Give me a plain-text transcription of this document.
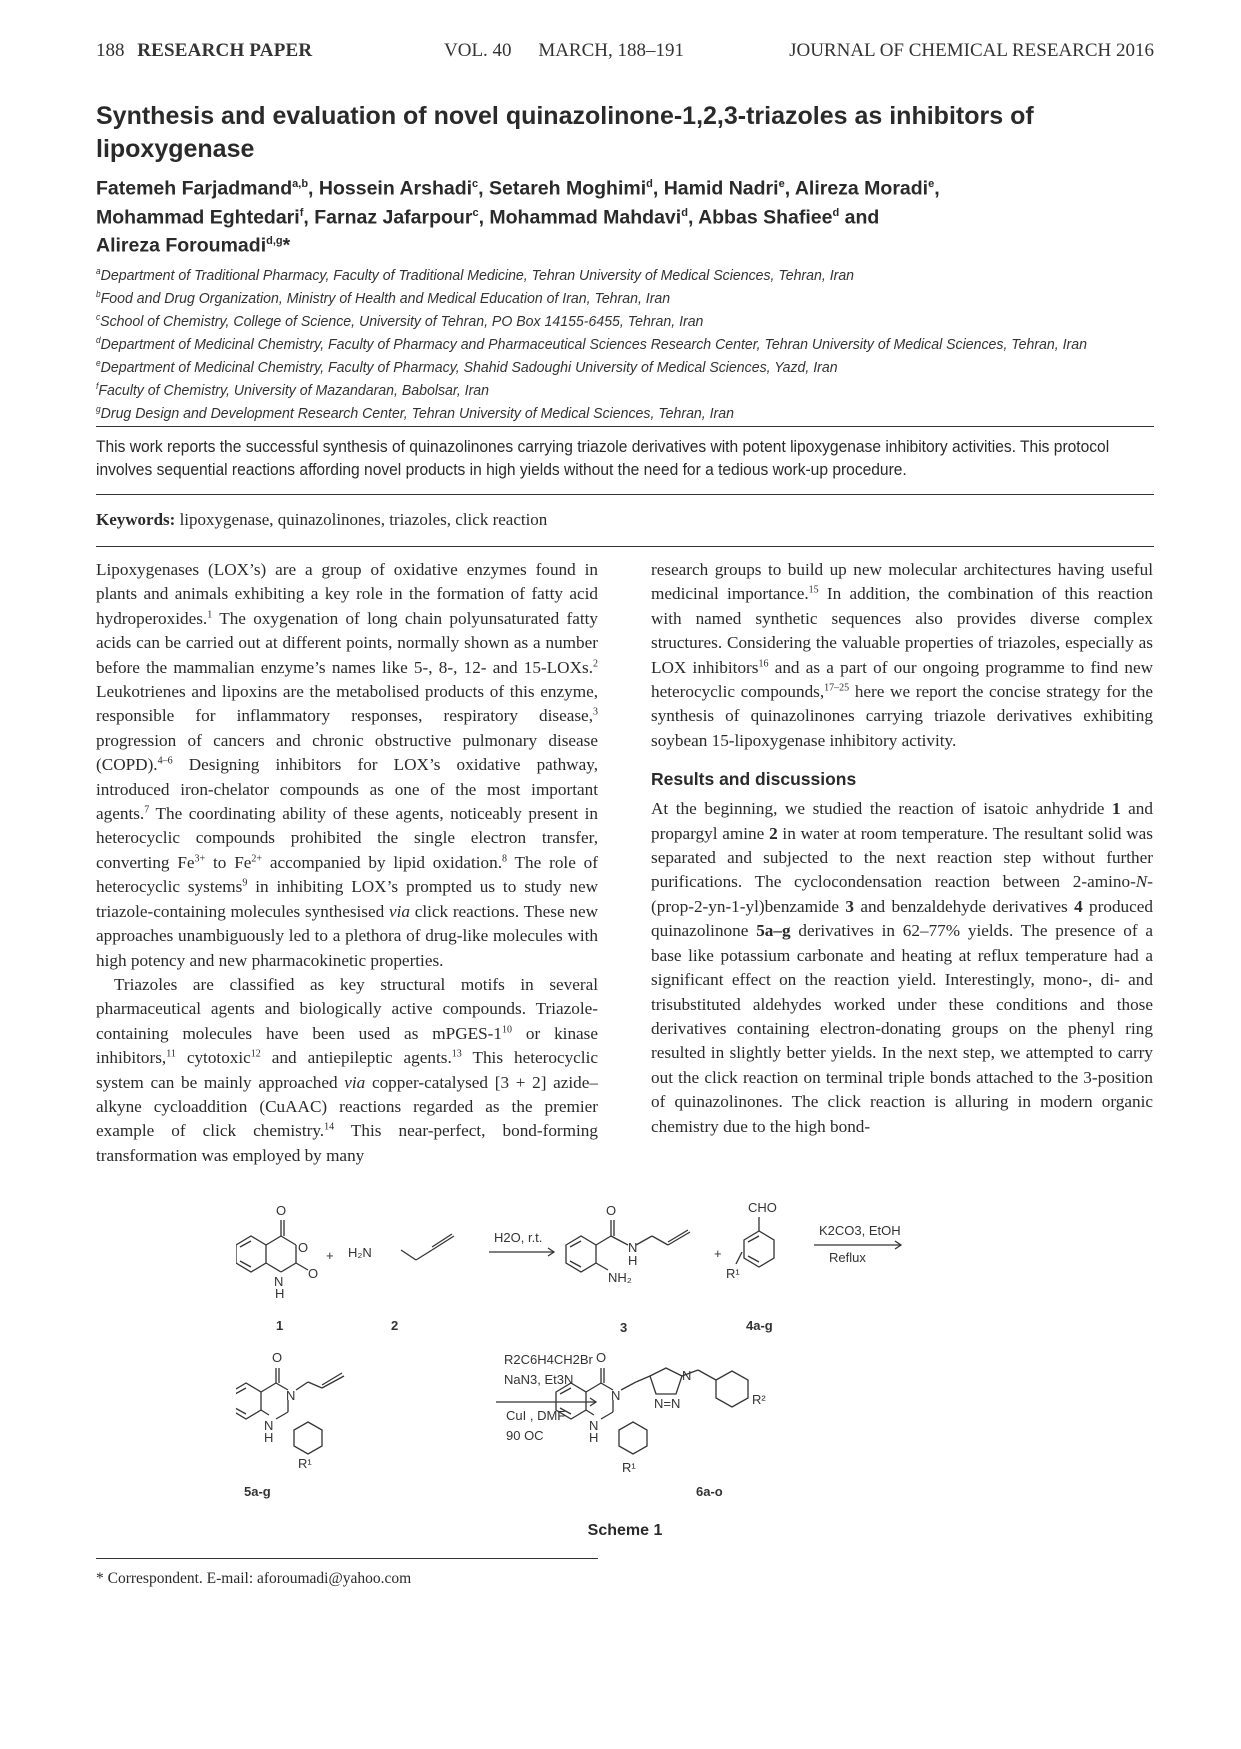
188 RESEARCH PAPER	VOL. 40 MARCH, 188–191	JOURNAL OF CHEMICAL RESEARCH 2016
Synthesis and evaluation of novel quinazolinone-1,2,3-triazoles as inhibitors of lipoxygenase
Fatemeh Farjadmand$^{a,b}$, Hossein Arshadi$^c$, Setareh Moghimi$^d$, Hamid Nadri$^e$, Alireza Moradi$^e$,
Mohammad Eghtedari$^f$, Farnaz Jafarpour$^c$, Mohammad Mahdavi$^d$, Abbas Shafiee$^d$ and
Alireza Foroumadi$^{d,g}$*
$^a$Department of Traditional Pharmacy, Faculty of Traditional Medicine, Tehran University of Medical Sciences, Tehran, Iran
$^b$Food and Drug Organization, Ministry of Health and Medical Education of Iran, Tehran, Iran
$^c$School of Chemistry, College of Science, University of Tehran, PO Box 14155-6455, Tehran, Iran
$^d$Department of Medicinal Chemistry, Faculty of Pharmacy and Pharmaceutical Sciences Research Center, Tehran University of Medical Sciences, Tehran, Iran
$^e$Department of Medicinal Chemistry, Faculty of Pharmacy, Shahid Sadoughi University of Medical Sciences, Yazd, Iran
$^f$Faculty of Chemistry, University of Mazandaran, Babolsar, Iran
$^g$Drug Design and Development Research Center, Tehran University of Medical Sciences, Tehran, Iran
This work reports the successful synthesis of quinazolinones carrying triazole derivatives with potent lipoxygenase inhibitory activities. This protocol involves sequential reactions affording novel products in high yields without the need for a tedious work-up procedure.
Keywords: lipoxygenase, quinazolinones, triazoles, click reaction

Lipoxygenases (LOX’s) are a group of oxidative enzymes found in plants and animals exhibiting a key role in the formation of fatty acid hydroperoxides.$^1$ The oxygenation of long chain polyunsaturated fatty acids can be carried out at different points, normally shown as a number before the mammalian enzyme’s names like 5-, 8-, 12- and 15-LOXs.$^2$ Leukotrienes and lipoxins are the metabolised products of this enzyme, responsible for inflammatory responses, respiratory disease,$^3$ progression of cancers and chronic obstructive pulmonary disease (COPD).$^{4-6}$ Designing inhibitors for LOX’s oxidative pathway, introduced iron-chelator compounds as one of the most important agents.$^7$ The coordinating ability of these agents, noticeably present in heterocyclic compounds prohibited the single electron transfer, converting $Fe^{3+}$ to $Fe^{2+}$ accompanied by lipid oxidation.$^8$ The role of heterocyclic systems$^9$ in inhibiting LOX’s prompted us to study new triazole-containing molecules synthesised via click reactions. These new approaches unambiguously led to a plethora of drug-like molecules with high potency and new pharmacokinetic properties.

Triazoles are classified as key structural motifs in several pharmaceutical agents and biologically active compounds. Triazole-containing molecules have been used as mPGES-$1^{10}$ or kinase inhibitors,$^{11}$ cytotoxic$^{12}$ and antiepileptic agents.$^{13}$ This heterocyclic system can be mainly approached via copper-catalysed [3 + 2] azide–alkyne cycloaddition (CuAAC) reactions regarded as the premier example of click chemistry.$^{14}$ This near-perfect, bond-forming transformation was employed by many

research groups to build up new molecular architectures having useful medicinal importance.$^{15}$ In addition, the combination of this reaction with named synthetic sequences also provides diverse complex structures. Considering the valuable properties of triazoles, especially as LOX inhibitors$^{16}$ and as a part of our ongoing programme to find new heterocyclic compounds,$^{17-25}$ here we report the concise strategy for the synthesis of quinazolinones carrying triazole derivatives exhibiting soybean 15-lipoxygenase inhibitory activity.

Results and discussions

At the beginning, we studied the reaction of isatoic anhydride 1 and propargyl amine 2 in water at room temperature. The resultant solid was separated and subjected to the next reaction step without further purifications. The cyclocondensation reaction between 2-amino-N-(prop-2-yn-1-yl)benzamide 3 and benzaldehyde derivatives 4 produced quinazolinone 5a–g derivatives in 62–77% yields. The presence of a base like potassium carbonate and heating at reflux temperature had a significant effect on the reaction yield. Interestingly, mono-, di- and trisubstituted aldehydes worked under these conditions and those derivatives containing electron-donating groups on the phenyl ring resulted in slightly better yields. In the next step, we attempted to carry out the click reaction on terminal triple bonds attached to the 3-position of quinazolinones. The click reaction is alluring in modern organic chemistry due to the high bond-

O
O
O
N
H
+ H₂N
H2O, r.t.
O
N
H
NH₂
+
CHO
R¹
K2CO3, EtOH
Reflux
O
N
N
H
R¹
R2C6H4CH2Br
NaN3, Et3N
CuI , DMF
90 OC
O
N
N
H
N
N=N	R²
R¹
1	2	3	4a-g
5a-g	6a-o
Scheme 1
* Correspondent. E-mail: aforoumadi@yahoo.com
